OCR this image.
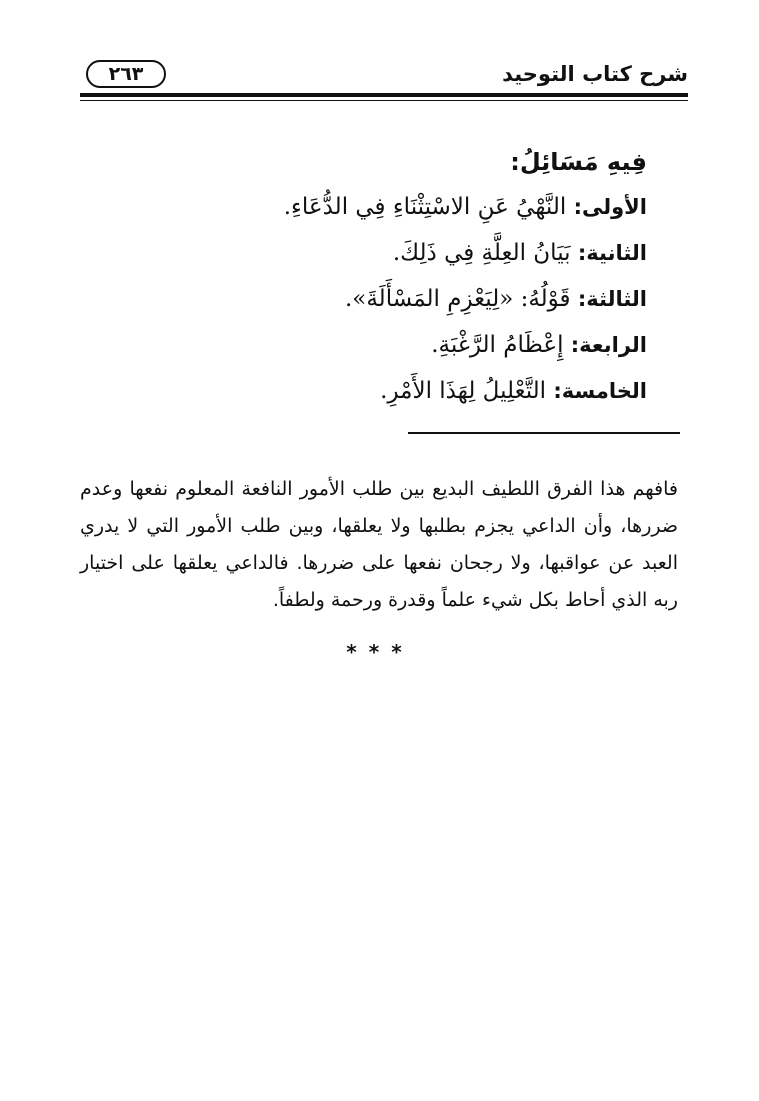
شرح كتاب التوحيد
٢٦٣
فِيهِ مَسَائِلُ:
الأولى: النَّهْيُ عَنِ الاسْتِثْنَاءِ فِي الدُّعَاءِ.
الثانية: بَيَانُ العِلَّةِ فِي ذَلِكَ.
الثالثة: قَوْلُهُ: «لِيَعْزِمِ المَسْأَلَةَ».
الرابعة: إِعْظَامُ الرَّغْبَةِ.
الخامسة: التَّعْلِيلُ لِهَذَا الأَمْرِ.

فافهم هذا الفرق اللطيف البديع بين طلب الأمور النافعة المعلوم نفعها وعدم ضررها، وأن الداعي يجزم بطلبها ولا يعلقها، وبين طلب الأمور التي لا يدري العبد عن عواقبها، ولا رجحان نفعها على ضررها. فالداعي يعلقها على اختيار ربه الذي أحاط بكل شيء علماً وقدرة ورحمة ولطفاً.

***
